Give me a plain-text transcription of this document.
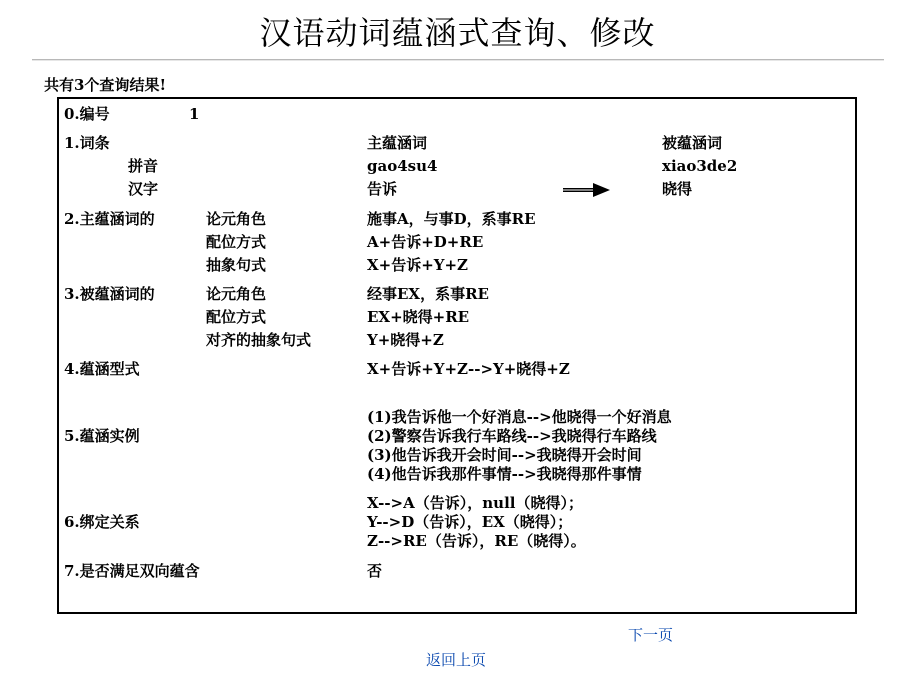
汉语动词蕴涵式查询、修改
共有3个查询结果!
0.编号	1
1.词条	主蕴涵词	被蕴涵词
拼音	gao4su4	xiao3de2
汉字	告诉	晓得
2.主蕴涵词的	论元角色	施事A，与事D，系事RE
配位方式	A+告诉+D+RE
抽象句式	X+告诉+Y+Z
3.被蕴涵词的	论元角色	经事EX，系事RE
配位方式	EX+晓得+RE
对齐的抽象句式	Y+晓得+Z
4.蕴涵型式	X+告诉+Y+Z-->Y+晓得+Z
5.蕴涵实例
(1)我告诉他一个好消息-->他晓得一个好消息
(2)警察告诉我行车路线-->我晓得行车路线
(3)他告诉我开会时间-->我晓得开会时间
(4)他告诉我那件事情-->我晓得那件事情
6.绑定关系
X-->A（告诉），null（晓得）；
Y-->D（告诉），EX（晓得）；
Z-->RE（告诉），RE（晓得）。
7.是否满足双向蕴含	否
下一页
返回上页
